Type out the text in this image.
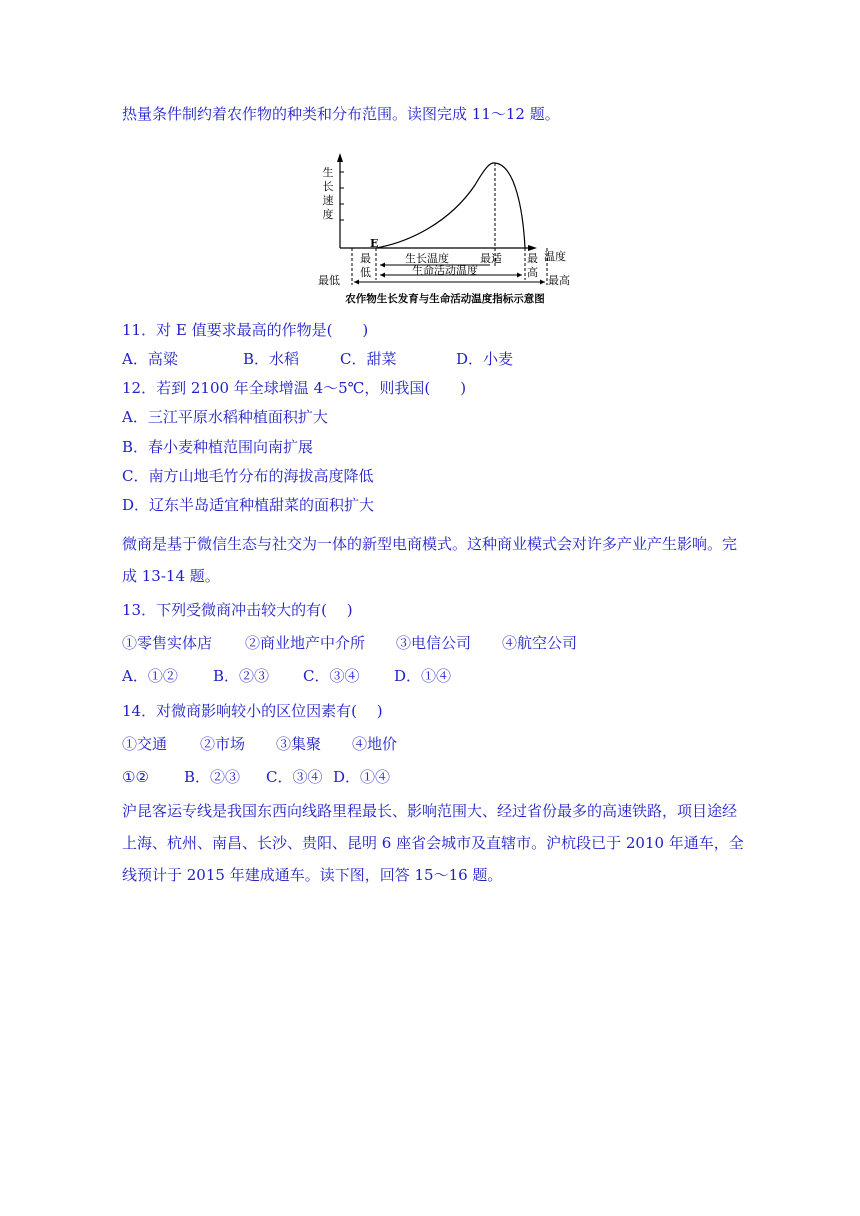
热量条件制约着农作物的种类和分布范围。读图完成 11～12 题。
生
长
速
度
E
温度
最
低
生长温度	最适 最
高
生命活动温度
最低	最高
农作物生长发育与生命活动温度指标示意图
11．对 E 值要求最高的作物是(　　)
A．高粱	B．水稻	C．甜菜	D．小麦
12．若到 2100 年全球增温 4～5℃，则我国(　　)
A．三江平原水稻种植面积扩大
B．春小麦种植范围向南扩展
C．南方山地毛竹分布的海拔高度降低
D．辽东半岛适宜种植甜菜的面积扩大
微商是基于微信生态与社交为一体的新型电商模式。这种商业模式会对许多产业产生影响。完
成 13-14 题。
13．下列受微商冲击较大的有(　 )
①零售实体店 ②商业地产中介所 ③电信公司 ④航空公司
A．①② B．②③ C．③④ D．①④
14．对微商影响较小的区位因素有(　 )
①交通 ②市场 ③集聚 ④地价
①② B．②③ C．③④ D．①④
沪昆客运专线是我国东西向线路里程最长、影响范围大、经过省份最多的高速铁路，项目途经
上海、杭州、南昌、长沙、贵阳、昆明 6 座省会城市及直辖市。沪杭段已于 2010 年通车，全
线预计于 2015 年建成通车。读下图，回答 15～16 题。
